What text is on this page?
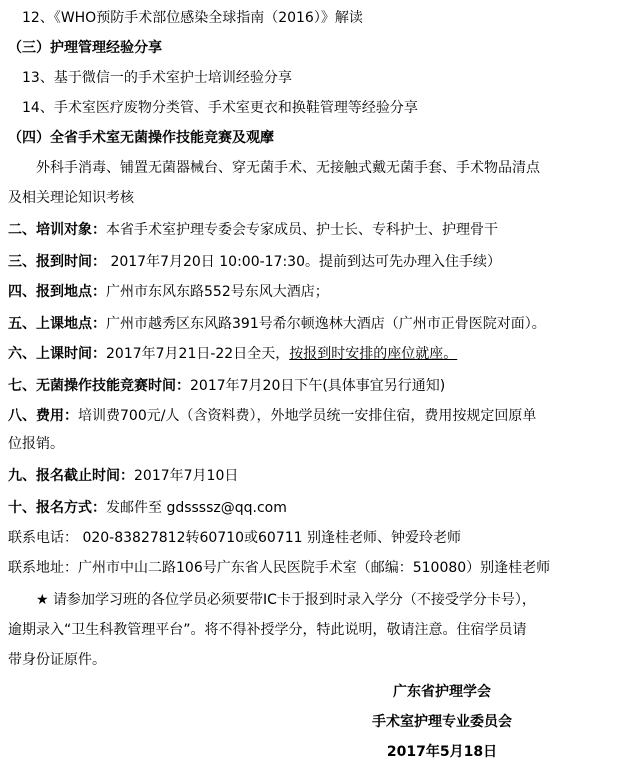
12、《WHO预防手术部位感染全球指南（2016）》解读
（三）护理管理经验分享
13、基于微信一的手术室护士培训经验分享
14、手术室医疗废物分类管、手术室更衣和换鞋管理等经验分享
（四）全省手术室无菌操作技能竞赛及观摩
外科手消毒、铺置无菌器械台、穿无菌手术、无接触式戴无菌手套、手术物品清点
及相关理论知识考核
二、培训对象：本省手术室护理专委会专家成员、护士长、专科护士、护理骨干
三、报到时间： 2017年7月20日 10:00-17:30。提前到达可先办理入住手续）
四、报到地点：广州市东风东路552号东风大酒店；
五、上课地点：广州市越秀区东风路391号希尔顿逸林大酒店（广州市正骨医院对面）。
六、上课时间：2017年7月21日-22日全天，按报到时安排的座位就座。
七、无菌操作技能竞赛时间：2017年7月20日下午(具体事宜另行通知)
八、费用：培训费700元/人（含资料费），外地学员统一安排住宿，费用按规定回原单
位报销。
九、报名截止时间：2017年7月10日
十、报名方式：发邮件至 gdssssz@qq.com
联系电话： 020-83827812转60710或60711 别逢桂老师、钟爱玲老师
联系地址：广州市中山二路106号广东省人民医院手术室（邮编：510080）别逢桂老师
★ 请参加学习班的各位学员必须要带IC卡于报到时录入学分（不接受学分卡号），
逾期录入“卫生科教管理平台”。将不得补授学分，特此说明，敬请注意。住宿学员请
带身份证原件。
广东省护理学会
手术室护理专业委员会
2017年5月18日
